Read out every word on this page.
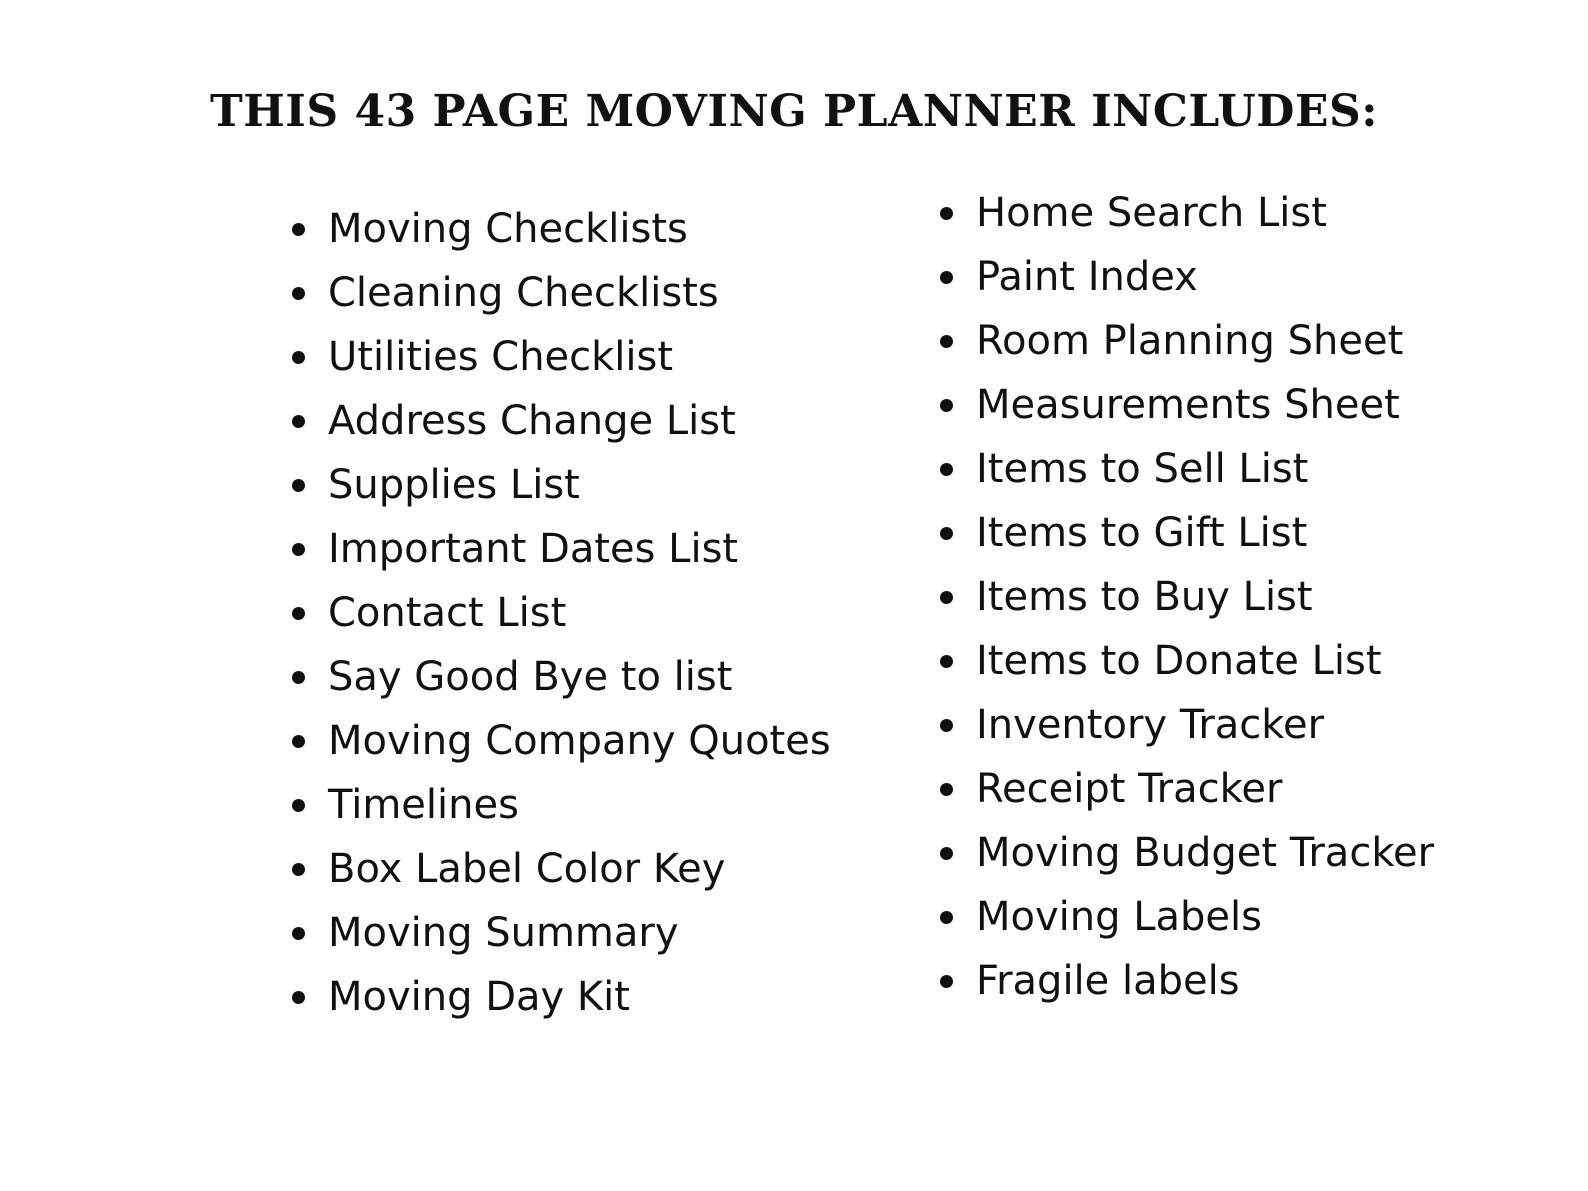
THIS 43 PAGE MOVING PLANNER INCLUDES:
Moving Checklists
Cleaning Checklists
Utilities Checklist
Address Change List
Supplies List
Important Dates List
Contact List
Say Good Bye to list
Moving Company Quotes
Timelines
Box Label Color Key
Moving Summary
Moving Day Kit
Home Search List
Paint Index
Room Planning Sheet
Measurements Sheet
Items to Sell List
Items to Gift List
Items to Buy List
Items to Donate List
Inventory Tracker
Receipt Tracker
Moving Budget Tracker
Moving Labels
Fragile labels
